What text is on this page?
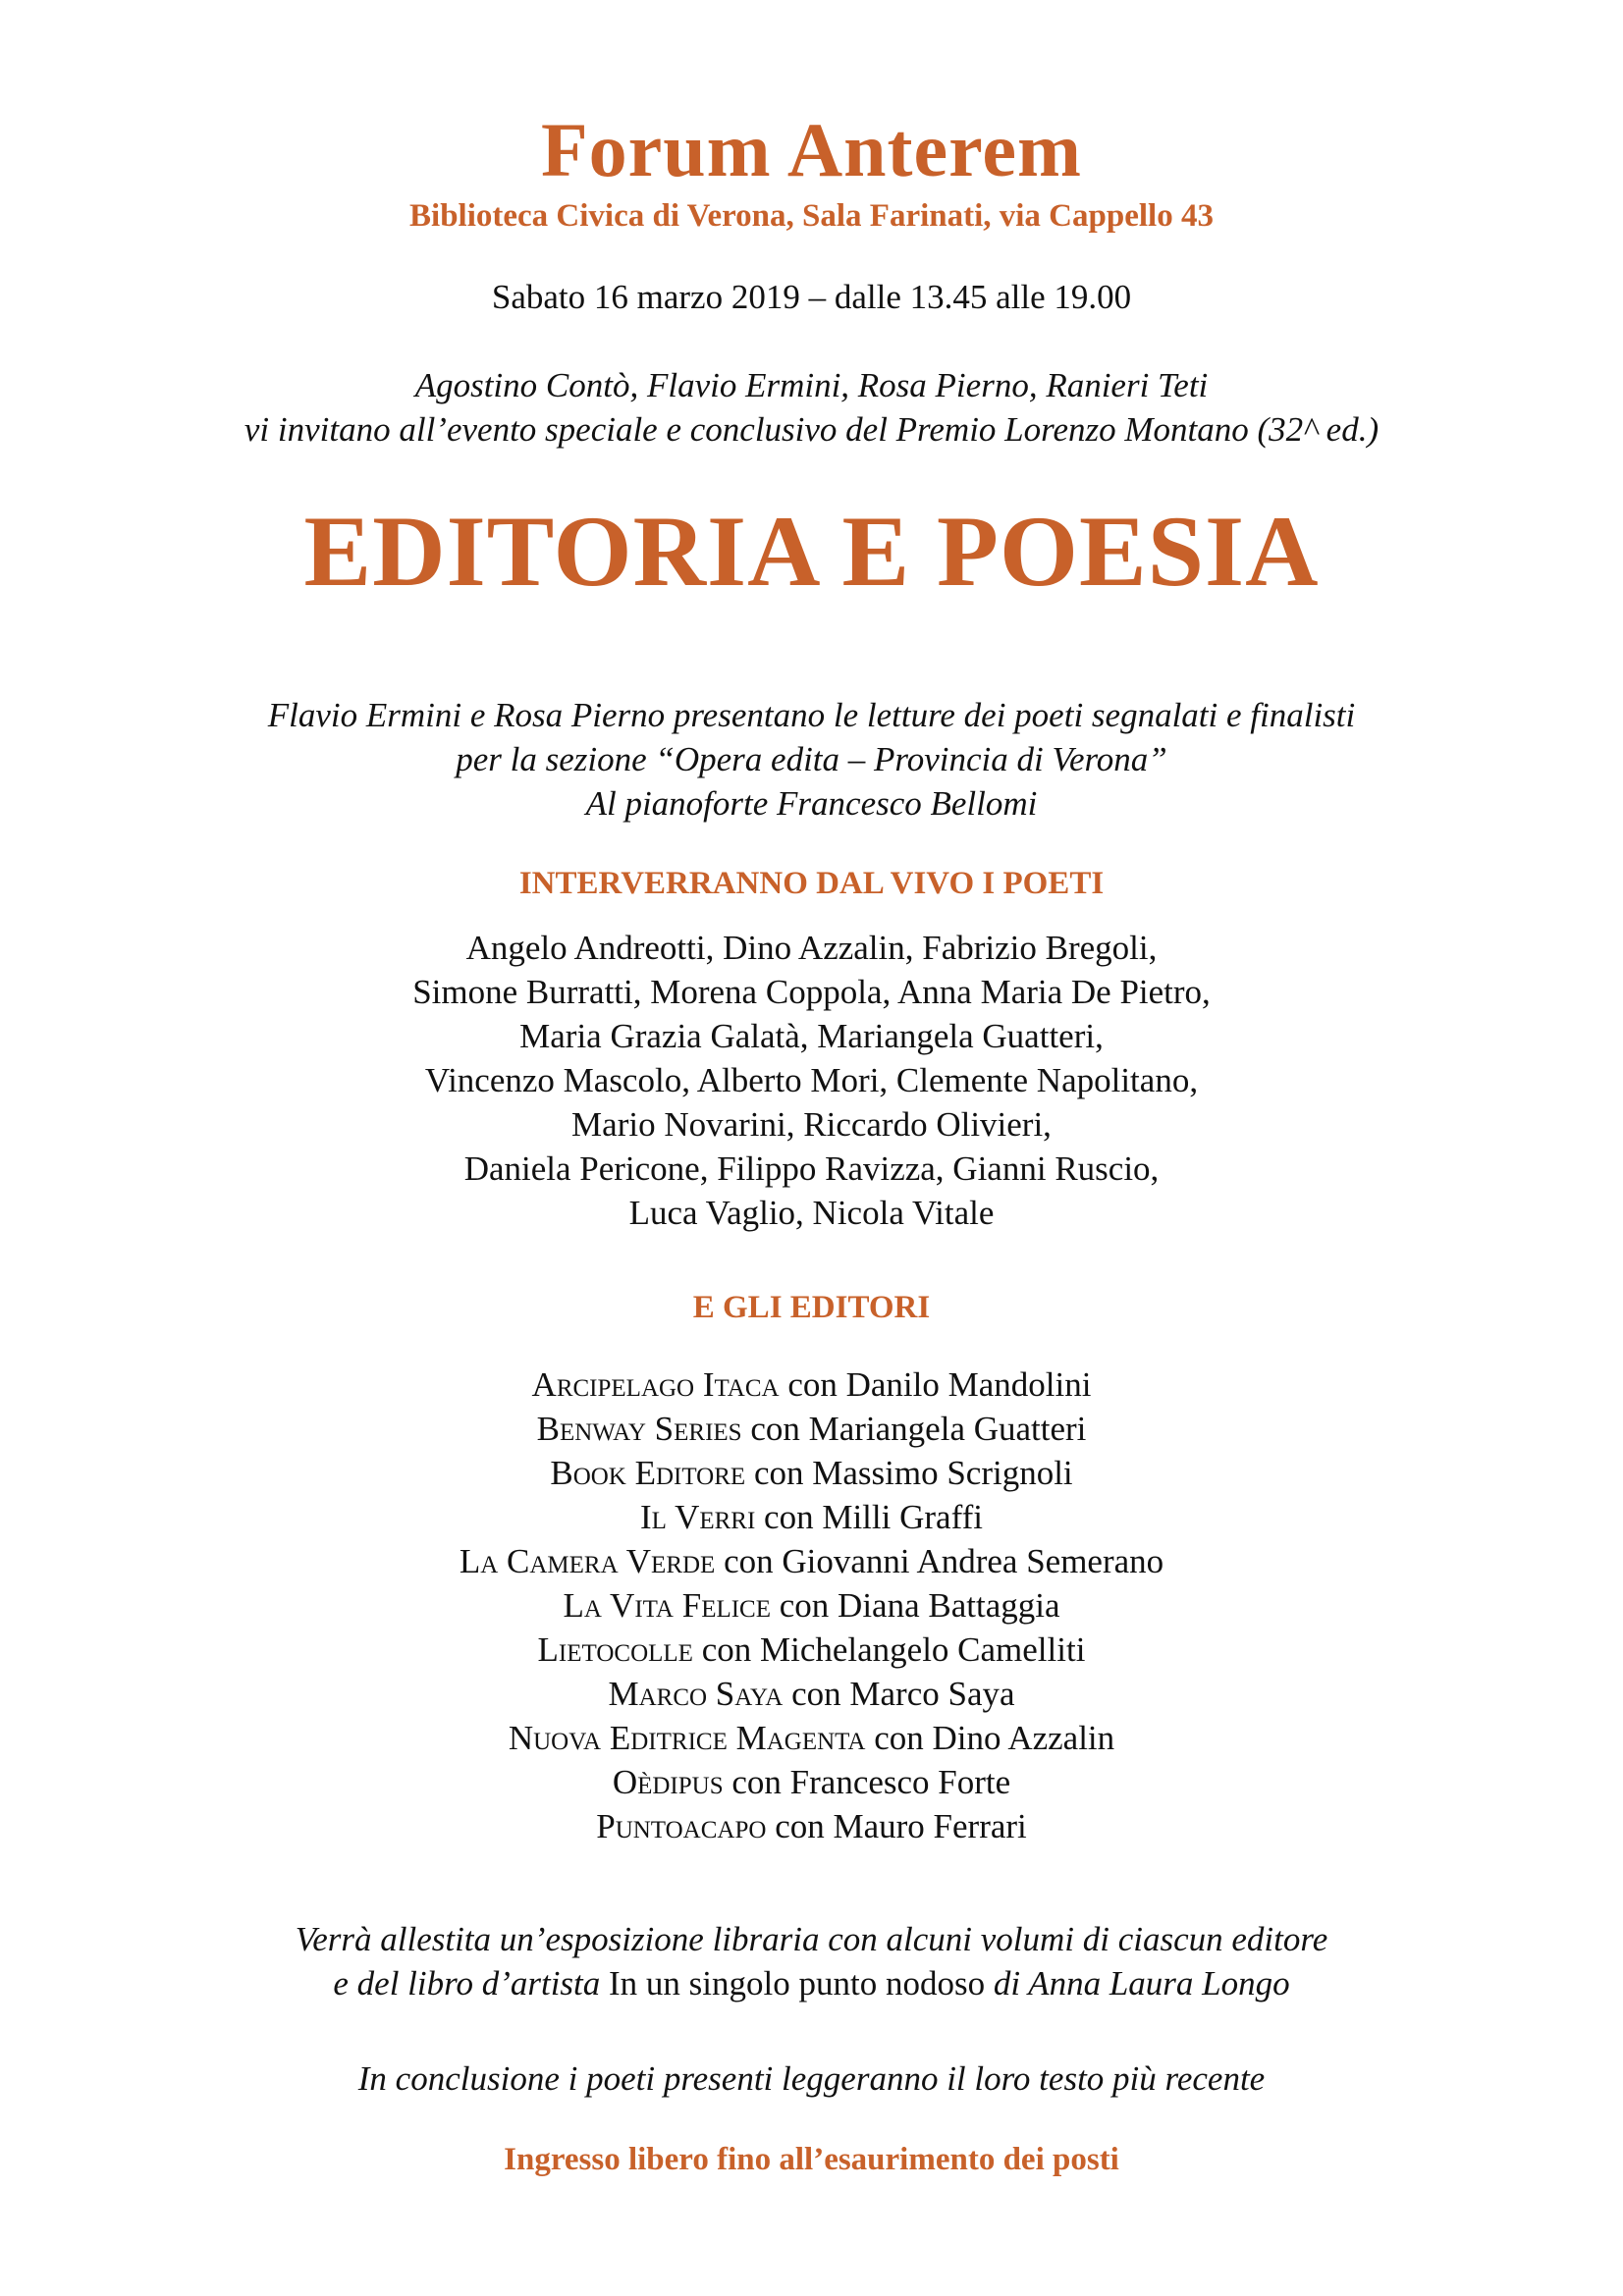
Forum Anterem
Biblioteca Civica di Verona, Sala Farinati, via Cappello 43
Sabato 16 marzo 2019 – dalle 13.45 alle 19.00
Agostino Contò, Flavio Ermini, Rosa Pierno, Ranieri Teti
vi invitano all’evento speciale e conclusivo del Premio Lorenzo Montano (32^ ed.)
EDITORIA E POESIA
Flavio Ermini e Rosa Pierno presentano le letture dei poeti segnalati e finalisti
per la sezione “Opera edita – Provincia di Verona”
Al pianoforte Francesco Bellomi
INTERVERRANNO DAL VIVO I POETI
Angelo Andreotti, Dino Azzalin, Fabrizio Bregoli,
Simone Burratti, Morena Coppola, Anna Maria De Pietro,
Maria Grazia Galatà, Mariangela Guatteri,
Vincenzo Mascolo, Alberto Mori, Clemente Napolitano,
Mario Novarini, Riccardo Olivieri,
Daniela Pericone, Filippo Ravizza, Gianni Ruscio,
Luca Vaglio, Nicola Vitale
E GLI EDITORI
Arcipelago Itaca con Danilo Mandolini
Benway Series con Mariangela Guatteri
Book Editore con Massimo Scrignoli
Il Verri con Milli Graffi
La Camera Verde con Giovanni Andrea Semerano
La Vita Felice con Diana Battaggia
Lietocolle con Michelangelo Camelliti
Marco Saya con Marco Saya
Nuova Editrice Magenta con Dino Azzalin
Oèdipus con Francesco Forte
Puntoacapo con Mauro Ferrari
Verrà allestita un’esposizione libraria con alcuni volumi di ciascun editore
e del libro d’artista In un singolo punto nodoso di Anna Laura Longo
In conclusione i poeti presenti leggeranno il loro testo più recente
Ingresso libero fino all’esaurimento dei posti
